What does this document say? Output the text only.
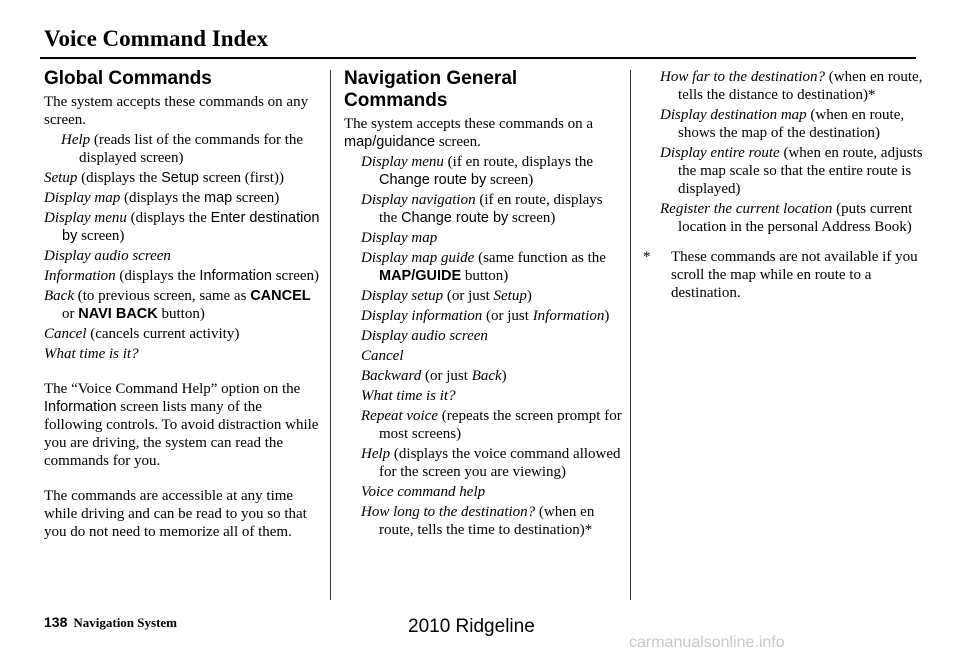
Voice Command Index
Global Commands

The system accepts these commands on any screen.

Help (reads list of the commands for the displayed screen)

Setup (displays the Setup screen (first))

Display map (displays the map screen)

Display menu (displays the Enter destination by screen)

Display audio screen

Information (displays the Information screen)

Back (to previous screen, same as CANCEL or NAVI BACK button)

Cancel (cancels current activity)

What time is it?

The “Voice Command Help” option on the Information screen lists many of the following controls. To avoid distraction while you are driving, the system can read the commands for you.

The commands are accessible at any time while driving and can be read to you so that you do not need to memorize all of them.

Navigation General Commands

The system accepts these commands on a map/guidance screen.

Display menu (if en route, displays the Change route by screen)

Display navigation (if en route, displays the Change route by screen)

Display map

Display map guide (same function as the MAP/GUIDE button)

Display setup (or just Setup)

Display information (or just Information)

Display audio screen

Cancel

Backward (or just Back)

What time is it?

Repeat voice (repeats the screen prompt for most screens)

Help (displays the voice command allowed for the screen you are viewing)

Voice command help

How long to the destination? (when en route, tells the time to destination)*

How far to the destination? (when en route, tells the distance to destination)*

Display destination map (when en route, shows the map of the destination)

Display entire route (when en route, adjusts the map scale so that the entire route is displayed)

Register the current location (puts current location in the personal Address Book)

* These commands are not available if you scroll the map while en route to a destination.

138 Navigation System	2010 Ridgeline
carmanualsonline.info
